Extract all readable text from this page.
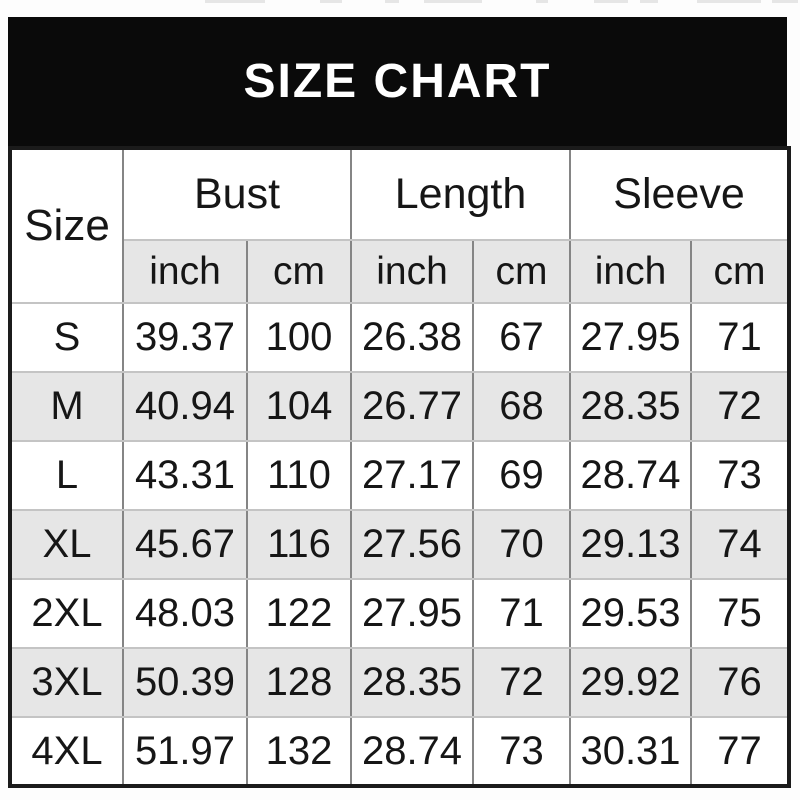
SIZE CHART
Size	Bust		Length		Sleeve	
	inch	cm	inch	cm	inch	cm
S	39.37	100	26.38	67	27.95	71
M	40.94	104	26.77	68	28.35	72
L	43.31	110	27.17	69	28.74	73
XL	45.67	116	27.56	70	29.13	74
2XL	48.03	122	27.95	71	29.53	75
3XL	50.39	128	28.35	72	29.92	76
4XL	51.97	132	28.74	73	30.31	77
